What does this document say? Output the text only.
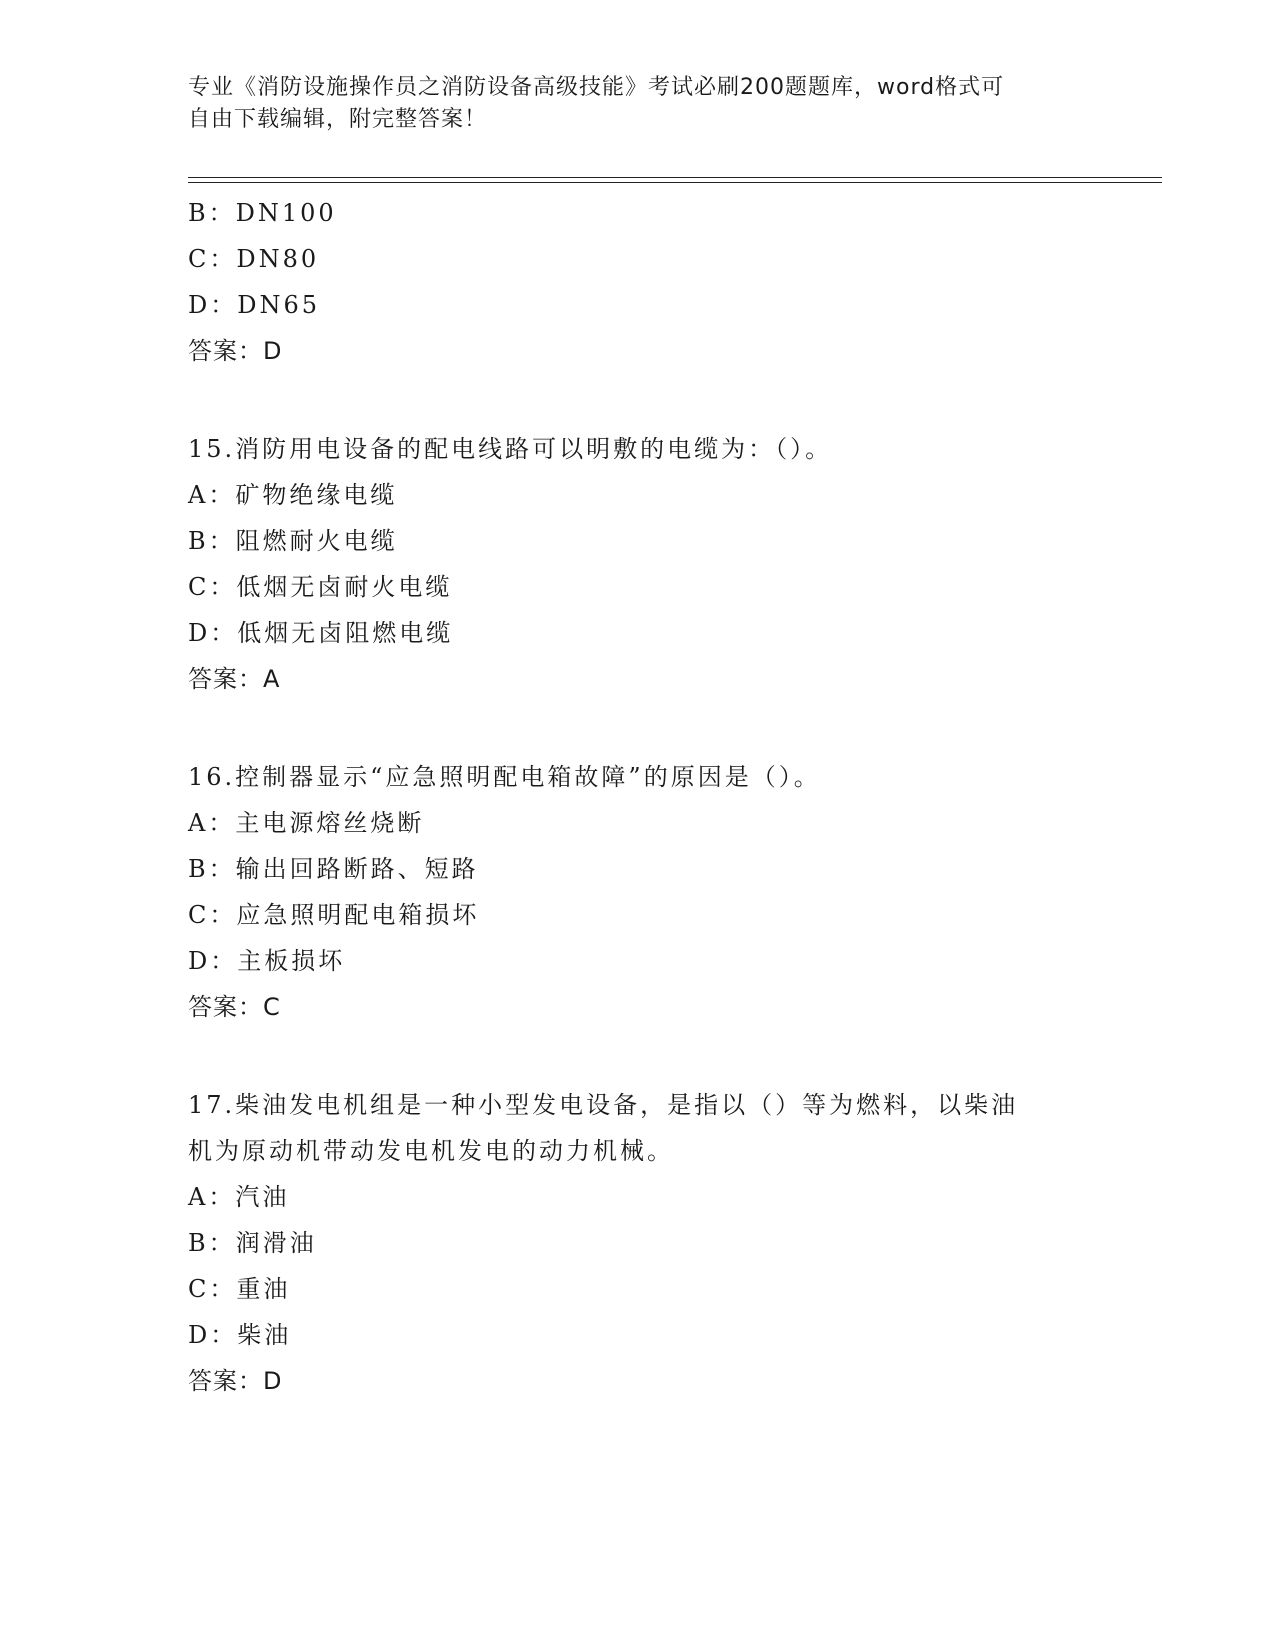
专业《消防设施操作员之消防设备高级技能》考试必刷200题题库，word格式可
自由下载编辑，附完整答案！
B：DN100
C：DN80
D：DN65
答案：D
15.消防用电设备的配电线路可以明敷的电缆为：（）。
A：矿物绝缘电缆
B：阻燃耐火电缆
C：低烟无卤耐火电缆
D：低烟无卤阻燃电缆
答案：A
16.控制器显示“应急照明配电箱故障”的原因是（）。
A：主电源熔丝烧断
B：输出回路断路、短路
C：应急照明配电箱损坏
D：主板损坏
答案：C
17.柴油发电机组是一种小型发电设备，是指以（）等为燃料，以柴油
机为原动机带动发电机发电的动力机械。
A：汽油
B：润滑油
C：重油
D：柴油
答案：D
